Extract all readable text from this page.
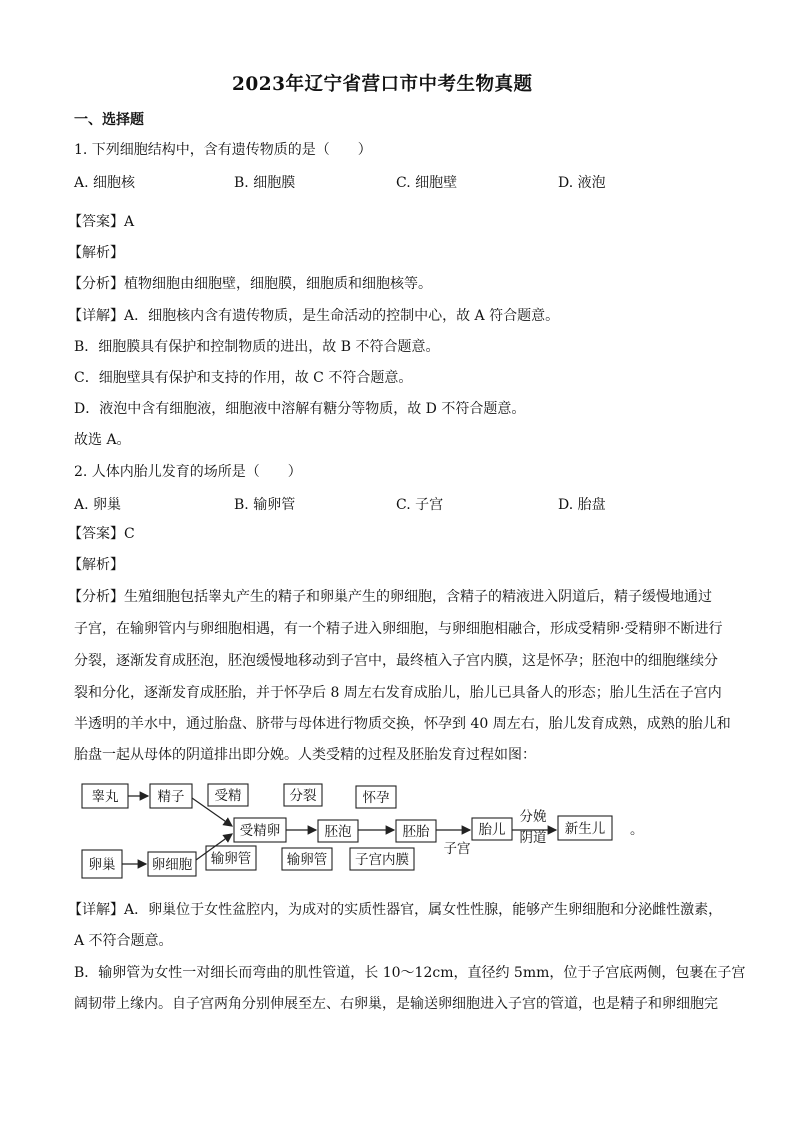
2023年辽宁省营口市中考生物真题
一、选择题
1. 下列细胞结构中，含有遗传物质的是（　　）
A. 细胞核	B. 细胞膜	C. 细胞壁	D. 液泡
【答案】A
【解析】
【分析】植物细胞由细胞壁，细胞膜，细胞质和细胞核等。
【详解】A．细胞核内含有遗传物质，是生命活动的控制中心，故 A 符合题意。
B．细胞膜具有保护和控制物质的进出，故 B 不符合题意。
C．细胞壁具有保护和支持的作用，故 C 不符合题意。
D．液泡中含有细胞液，细胞液中溶解有糖分等物质，故 D 不符合题意。
故选 A。
2. 人体内胎儿发育的场所是（　　）
A. 卵巢	B. 输卵管	C. 子宫	D. 胎盘
【答案】C
【解析】
【分析】生殖细胞包括睾丸产生的精子和卵巢产生的卵细胞，含精子的精液进入阴道后，精子缓慢地通过
子宫，在输卵管内与卵细胞相遇，有一个精子进入卵细胞，与卵细胞相融合，形成受精卵·受精卵不断进行
分裂，逐渐发育成胚泡，胚泡缓慢地移动到子宫中，最终植入子宫内膜，这是怀孕；胚泡中的细胞继续分
裂和分化，逐渐发育成胚胎，并于怀孕后 8 周左右发育成胎儿，胎儿已具备人的形态；胎儿生活在子宫内
半透明的羊水中，通过胎盘、脐带与母体进行物质交换，怀孕到 40 周左右，胎儿发育成熟，成熟的胎儿和
胎盘一起从母体的阴道排出即分娩。人类受精的过程及胚胎发育过程如图：
睾丸	精子
卵巢	卵细胞
受精
受精卵
输卵管
分裂
胚泡
输卵管
怀孕
胚胎
子宫内膜
胎儿
子宫
分娩
阴道
新生儿 。
【详解】A．卵巢位于女性盆腔内，为成对的实质性器官，属女性性腺，能够产生卵细胞和分泌雌性激素，
A 不符合题意。
B．输卵管为女性一对细长而弯曲的肌性管道，长 10～12cm，直径约 5mm，位于子宫底两侧，包裹在子宫
阔韧带上缘内。自子宫两角分别伸展至左、右卵巢，是输送卵细胞进入子宫的管道，也是精子和卵细胞完
